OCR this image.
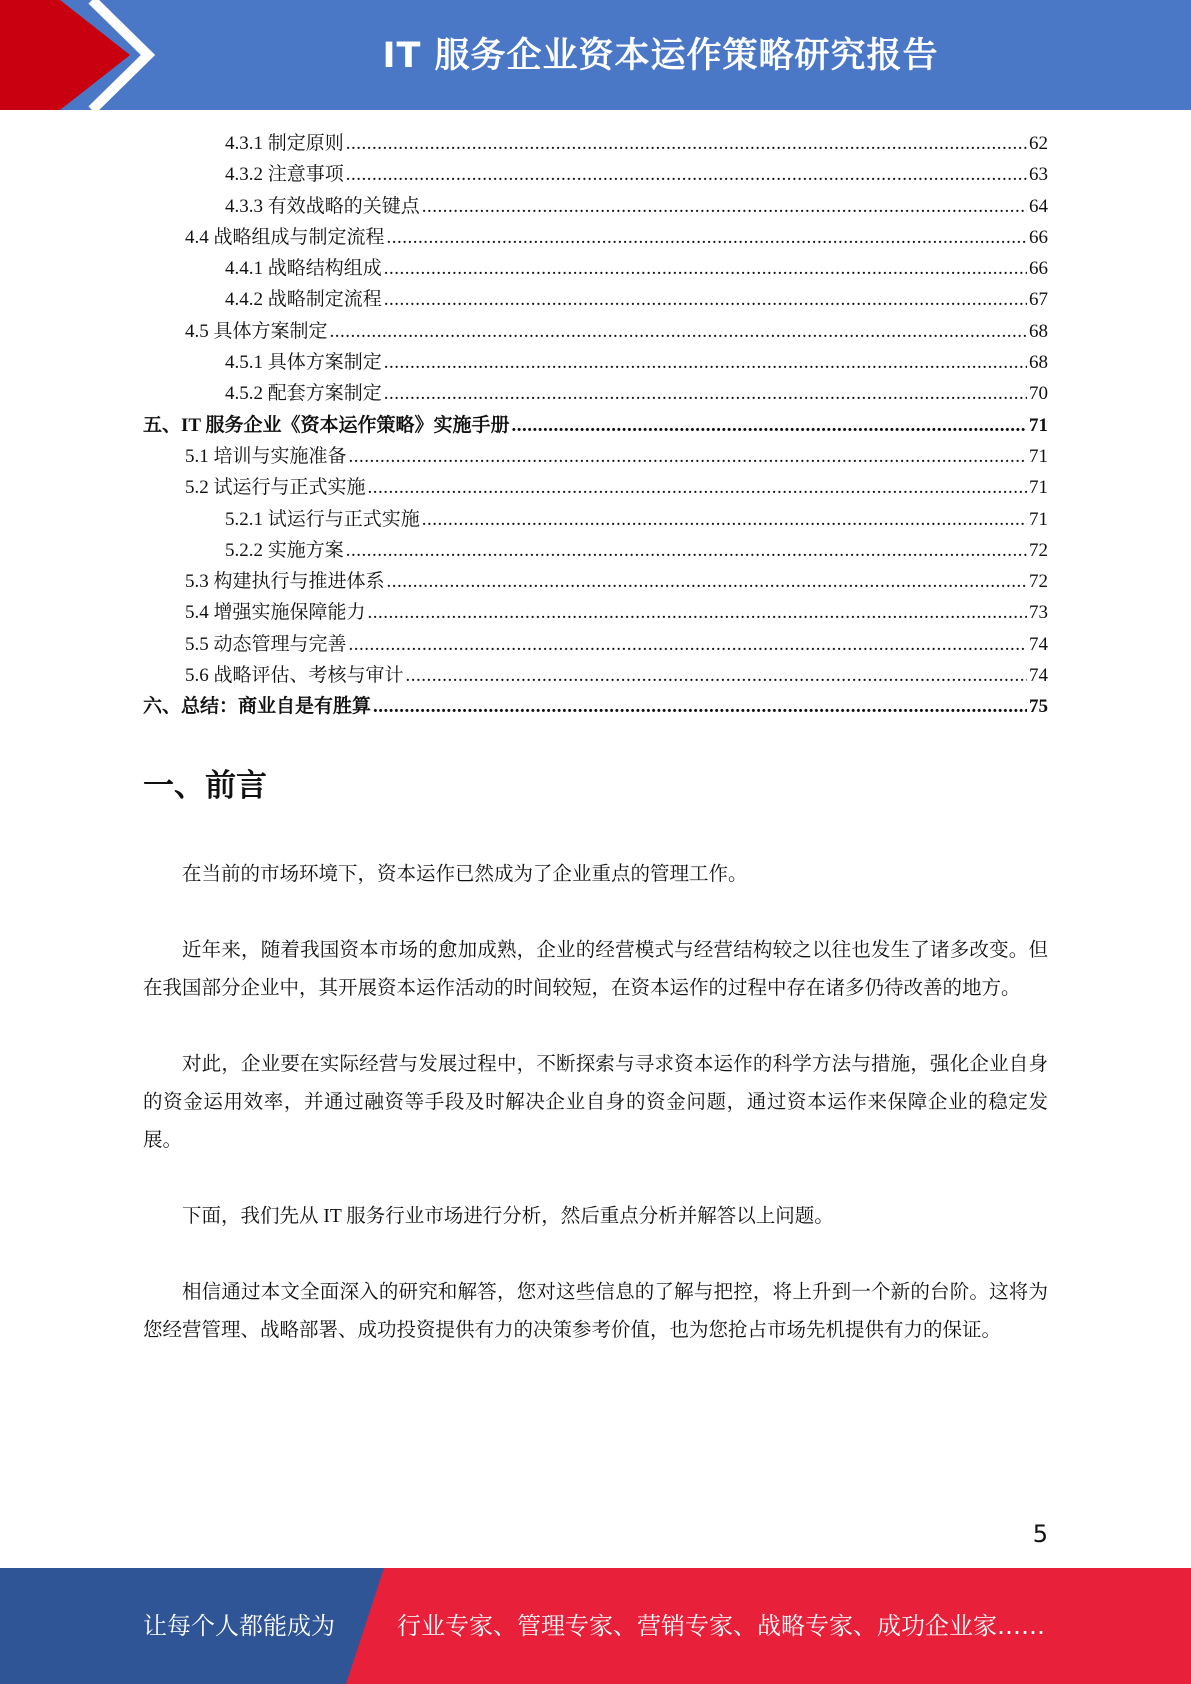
IT 服务企业资本运作策略研究报告
4.3.1 制定原则 .....	62
4.3.2 注意事项 .....	63
4.3.3 有效战略的关键点 .....	64
4.4 战略组成与制定流程 .....	66
4.4.1 战略结构组成 .....	66
4.4.2 战略制定流程 .....	67
4.5 具体方案制定 .....	68
4.5.1 具体方案制定 .....	68
4.5.2 配套方案制定 .....	70
五、IT 服务企业《资本运作策略》实施手册 .....	71
5.1 培训与实施准备 .....	71
5.2 试运行与正式实施 .....	71
5.2.1 试运行与正式实施 .....	71
5.2.2 实施方案 .....	72
5.3 构建执行与推进体系 .....	72
5.4 增强实施保障能力 .....	73
5.5 动态管理与完善 .....	74
5.6 战略评估、考核与审计 .....	74
六、总结：商业自是有胜算 .....	75
一、前言

在当前的市场环境下，资本运作已然成为了企业重点的管理工作。

近年来，随着我国资本市场的愈加成熟，企业的经营模式与经营结构较之以往也发生了诸多改变。但在我国部分企业中，其开展资本运作活动的时间较短，在资本运作的过程中存在诸多仍待改善的地方。

对此，企业要在实际经营与发展过程中，不断探索与寻求资本运作的科学方法与措施，强化企业自身的资金运用效率，并通过融资等手段及时解决企业自身的资金问题，通过资本运作来保障企业的稳定发展。

下面，我们先从 IT 服务行业市场进行分析，然后重点分析并解答以上问题。

相信通过本文全面深入的研究和解答，您对这些信息的了解与把控，将上升到一个新的台阶。这将为您经营管理、战略部署、成功投资提供有力的决策参考价值，也为您抢占市场先机提供有力的保证。

5
让每个人都能成为	行业专家、管理专家、营销专家、战略专家、成功企业家……
